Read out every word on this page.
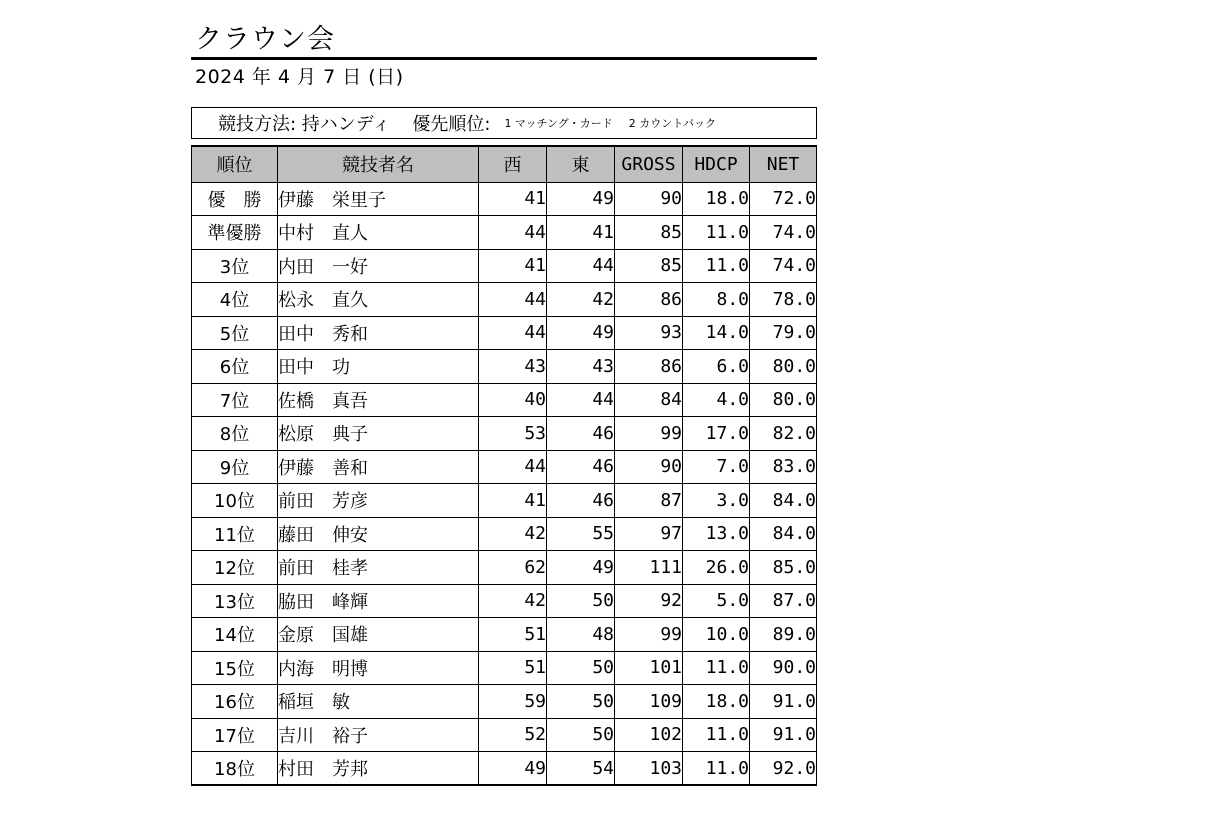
クラウン会
2024 年 4 月 7 日 (日)
競技方法: 持ハンディ 優先順位: 1 マッチング・カード 2 カウントバック
順位	競技者名	西	東	GROSS	HDCP	NET
優　勝	伊藤　栄里子	41	49	90	18.0	72.0
準優勝	中村　直人	44	41	85	11.0	74.0
3位	内田　一好	41	44	85	11.0	74.0
4位	松永　直久	44	42	86	8.0	78.0
5位	田中　秀和	44	49	93	14.0	79.0
6位	田中　功	43	43	86	6.0	80.0
7位	佐橋　真吾	40	44	84	4.0	80.0
8位	松原　典子	53	46	99	17.0	82.0
9位	伊藤　善和	44	46	90	7.0	83.0
10位	前田　芳彦	41	46	87	3.0	84.0
11位	藤田　伸安	42	55	97	13.0	84.0
12位	前田　桂孝	62	49	111	26.0	85.0
13位	脇田　峰輝	42	50	92	5.0	87.0
14位	金原　国雄	51	48	99	10.0	89.0
15位	内海　明博	51	50	101	11.0	90.0
16位	稲垣　敏	59	50	109	18.0	91.0
17位	吉川　裕子	52	50	102	11.0	91.0
18位	村田　芳邦	49	54	103	11.0	92.0
